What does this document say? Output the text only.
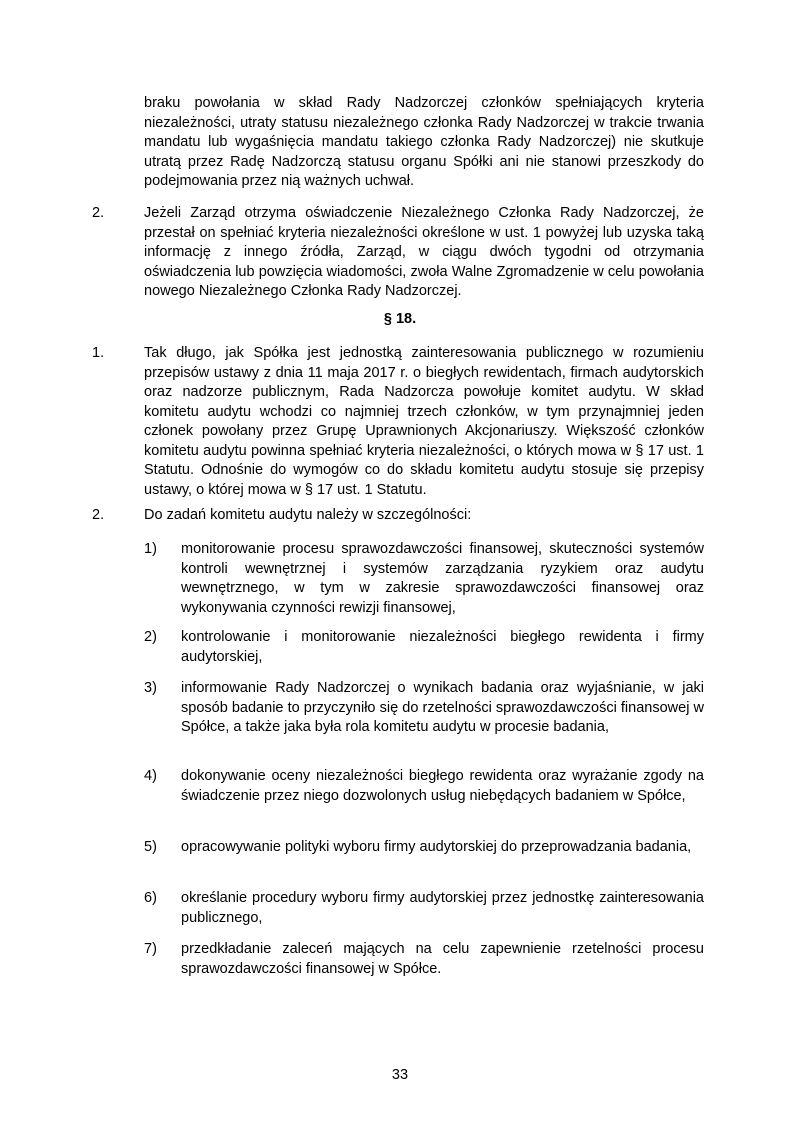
braku powołania w skład Rady Nadzorczej członków spełniających kryteria niezależności, utraty statusu niezależnego członka Rady Nadzorczej w trakcie trwania mandatu lub wygaśnięcia mandatu takiego członka Rady Nadzorczej) nie skutkuje utratą przez Radę Nadzorczą statusu organu Spółki ani nie stanowi przeszkody do podejmowania przez nią ważnych uchwał.

2.	Jeżeli Zarząd otrzyma oświadczenie Niezależnego Członka Rady Nadzorczej, że przestał on spełniać kryteria niezależności określone w ust. 1 powyżej lub uzyska taką informację z innego źródła, Zarząd, w ciągu dwóch tygodni od otrzymania oświadczenia lub powzięcia wiadomości, zwoła Walne Zgromadzenie w celu powołania nowego Niezależnego Członka Rady Nadzorczej.

§ 18.

1.	Tak długo, jak Spółka jest jednostką zainteresowania publicznego w rozumieniu przepisów ustawy z dnia 11 maja 2017 r. o biegłych rewidentach, firmach audytorskich oraz nadzorze publicznym, Rada Nadzorcza powołuje komitet audytu. W skład komitetu audytu wchodzi co najmniej trzech członków, w tym przynajmniej jeden członek powołany przez Grupę Uprawnionych Akcjonariuszy. Większość członków komitetu audytu powinna spełniać kryteria niezależności, o których mowa w § 17 ust. 1 Statutu. Odnośnie do wymogów co do składu komitetu audytu stosuje się przepisy ustawy, o której mowa w § 17 ust. 1 Statutu.

2.	Do zadań komitetu audytu należy w szczególności:

1) monitorowanie procesu sprawozdawczości finansowej, skuteczności systemów kontroli wewnętrznej i systemów zarządzania ryzykiem oraz audytu wewnętrznego, w tym w zakresie sprawozdawczości finansowej oraz wykonywania czynności rewizji finansowej,

2) kontrolowanie i monitorowanie niezależności biegłego rewidenta i firmy audytorskiej,

3) informowanie Rady Nadzorczej o wynikach badania oraz wyjaśnianie, w jaki sposób badanie to przyczyniło się do rzetelności sprawozdawczości finansowej w Spółce, a także jaka była rola komitetu audytu w procesie badania,

4) dokonywanie oceny niezależności biegłego rewidenta oraz wyrażanie zgody na świadczenie przez niego dozwolonych usług niebędących badaniem w Spółce,

5) opracowywanie polityki wyboru firmy audytorskiej do przeprowadzania badania,

6) określanie procedury wyboru firmy audytorskiej przez jednostkę zainteresowania publicznego,

7) przedkładanie zaleceń mających na celu zapewnienie rzetelności procesu sprawozdawczości finansowej w Spółce.

33
